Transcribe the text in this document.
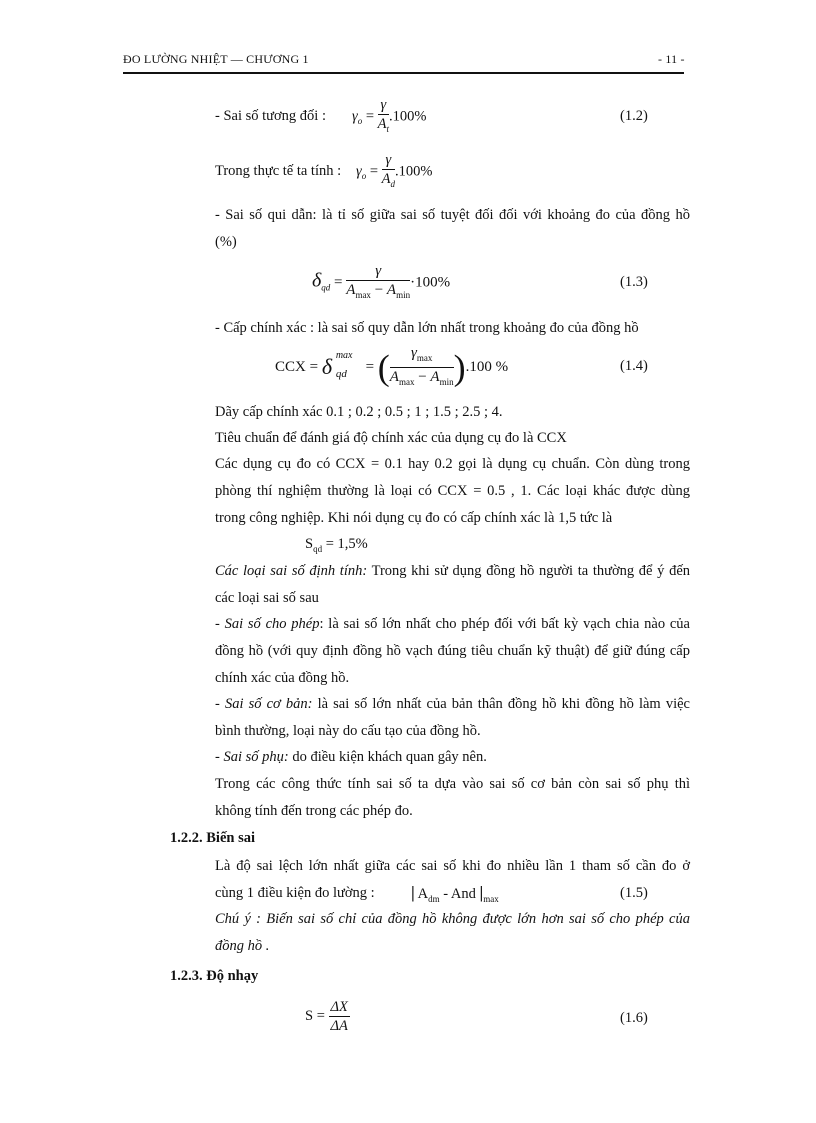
ĐO LƯỜNG NHIỆT — CHƯƠNG 1	- 11 -
- Sai số tương đối : $\gamma_o = \frac{\gamma}{A_t} .100\%$	(1.2)
Trong thực tế ta tính : $\gamma_o = \frac{\gamma}{A_d} .100\%$
- Sai số qui dẫn: là tỉ số giữa sai số tuyệt đối đối với khoảng đo của đồng hồ
(%)
$\delta_{qd} = \frac{\gamma}{A_{max} - A_{min}} \cdot 100\%$	(1.3)
- Cấp chính xác : là sai số quy dẫn lớn nhất trong khoảng đo của đồng hồ
CCX = δ max
qd = ( $\frac{\gamma_{max}}{A_{max} - A_{min}} ).100$ %	(1.4)
Dãy cấp chính xác 0.1 ; 0.2 ; 0.5 ; 1 ; 1.5 ; 2.5 ; 4.
Tiêu chuẩn để đánh giá độ chính xác của dụng cụ đo là CCX
Các dụng cụ đo có CCX = 0.1 hay 0.2 gọi là dụng cụ chuẩn. Còn dùng trong
phòng thí nghiệm thường là loại có CCX = 0.5 , 1. Các loại khác được dùng
trong công nghiệp. Khi nói dụng cụ đo có cấp chính xác là 1,5 tức là
$S_{qd} = 1,5\%$
Các loại sai số định tính: Trong khi sử dụng đồng hồ người ta thường để ý đến
các loại sai số sau
- Sai số cho phép: là sai số lớn nhất cho phép đối với bất kỳ vạch chia nào của
đồng hồ (với quy định đồng hồ vạch đúng tiêu chuẩn kỹ thuật) để giữ đúng cấp
chính xác của đồng hồ.
- Sai số cơ bản: là sai số lớn nhất của bản thân đồng hồ khi đồng hồ làm việc
bình thường, loại này do cấu tạo của đồng hồ.
- Sai số phụ: do điều kiện khách quan gây nên.
Trong các công thức tính sai số ta dựa vào sai số cơ bản còn sai số phụ thì
không tính đến trong các phép đo.
1.2.2. Biến sai
Là độ sai lệch lớn nhất giữa các sai số khi đo nhiều lần 1 tham số cần đo ở
cùng 1 điều kiện đo lường : | $A_{dm}$ - And $|_{max}$	(1.5)
Chú ý : Biến sai số chỉ của đồng hồ không được lớn hơn sai số cho phép của
đồng hồ .
1.2.3. Độ nhạy
$S = \frac{\Delta X}{\Delta A}$	(1.6)
